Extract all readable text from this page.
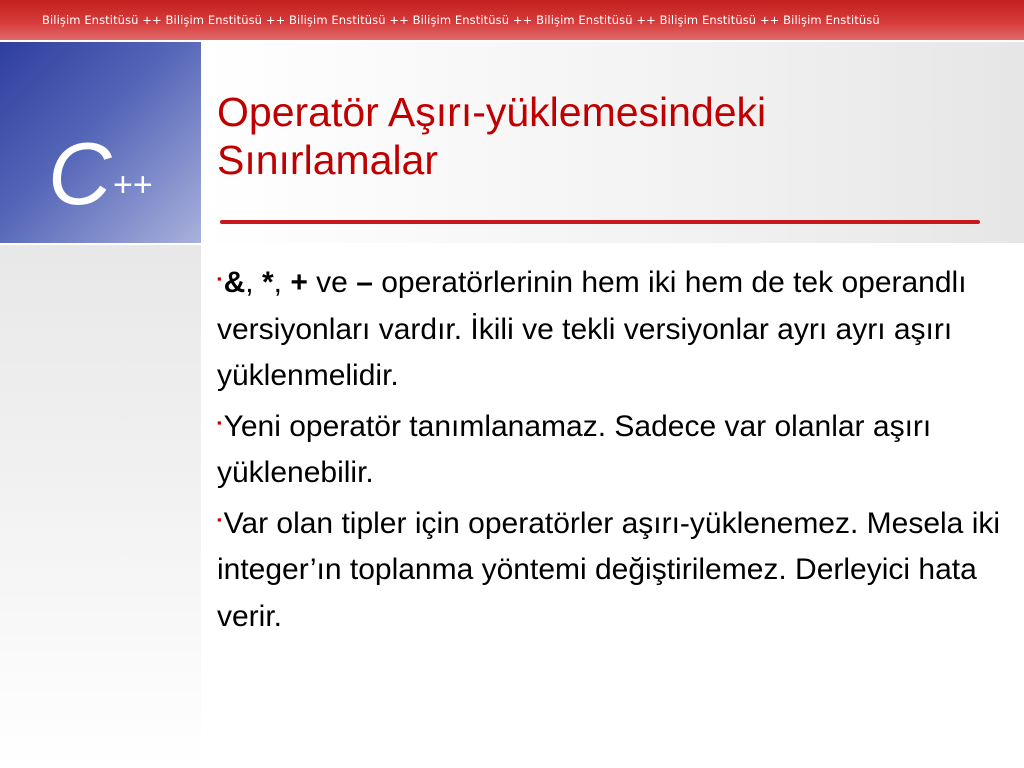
Bilişim Enstitüsü ++ Bilişim Enstitüsü ++ Bilişim Enstitüsü ++ Bilişim Enstitüsü ++ Bilişim Enstitüsü ++ Bilişim Enstitüsü ++ Bilişim Enstitüsü
C ++
Operatör Aşırı-yüklemesindeki
Sınırlamalar

▪&, *, + ve – operatörlerinin hem iki hem de tek operandlı versiyonları vardır. İkili ve tekli versiyonlar ayrı ayrı aşırı yüklenmelidir.

▪Yeni operatör tanımlanamaz. Sadece var olanlar aşırı yüklenebilir.

▪Var olan tipler için operatörler aşırı-yüklenemez. Mesela iki integer’ın toplanma yöntemi değiştirilemez. Derleyici hata verir.
